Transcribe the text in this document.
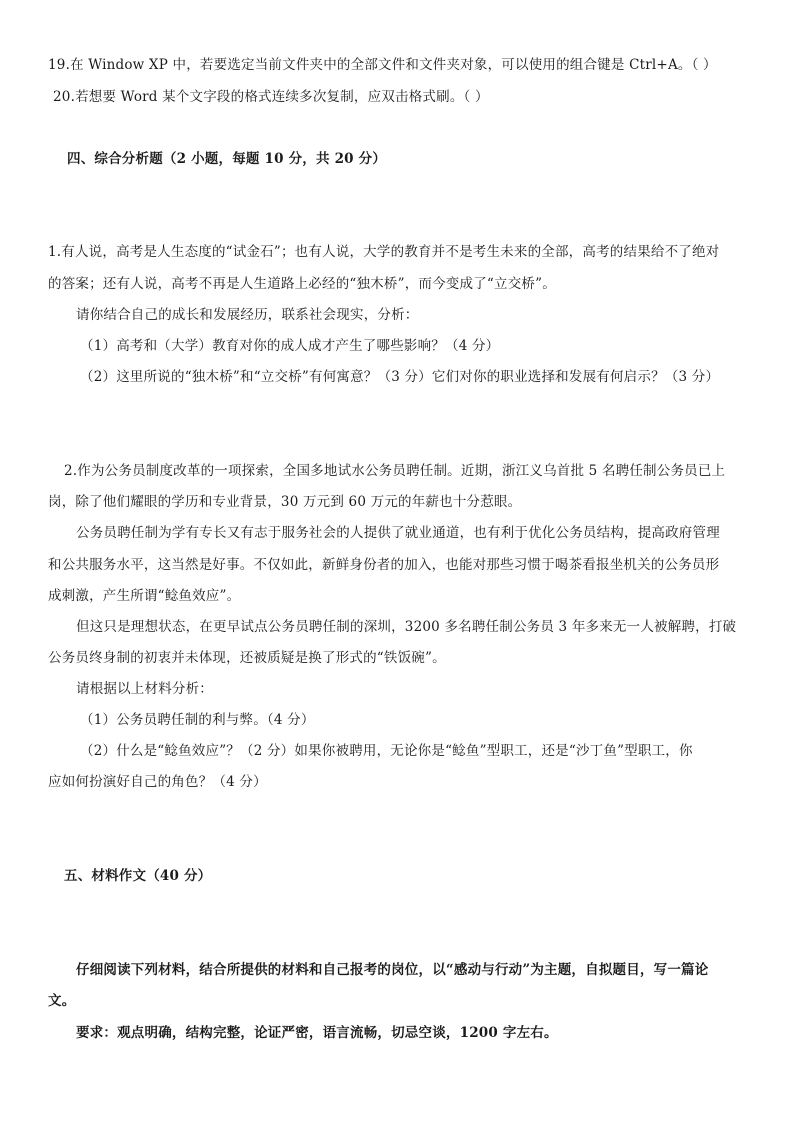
19.在 Window XP 中，若要选定当前文件夹中的全部文件和文件夹对象，可以使用的组合键是 Ctrl+A。（ ）
20.若想要 Word 某个文字段的格式连续多次复制，应双击格式刷。（ ）
四、综合分析题（2 小题，每题 10 分，共 20 分）
1.有人说，高考是人生态度的“试金石”；也有人说，大学的教育并不是考生未来的全部，高考的结果给不了绝对
的答案；还有人说，高考不再是人生道路上必经的“独木桥”，而今变成了“立交桥”。
请你结合自己的成长和发展经历，联系社会现实，分析：
（1）高考和（大学）教育对你的成人成才产生了哪些影响？（4 分）
（2）这里所说的“独木桥”和“立交桥”有何寓意？（3 分）它们对你的职业选择和发展有何启示？（3 分）
2.作为公务员制度改革的一项探索，全国多地试水公务员聘任制。近期，浙江义乌首批 5 名聘任制公务员已上
岗，除了他们耀眼的学历和专业背景，30 万元到 60 万元的年薪也十分惹眼。
公务员聘任制为学有专长又有志于服务社会的人提供了就业通道，也有利于优化公务员结构，提高政府管理
和公共服务水平，这当然是好事。不仅如此，新鲜身份者的加入，也能对那些习惯于喝茶看报坐机关的公务员形
成刺激，产生所谓“鲶鱼效应”。
但这只是理想状态，在更早试点公务员聘任制的深圳，3200 多名聘任制公务员 3 年多来无一人被解聘，打破
公务员终身制的初衷并未体现，还被质疑是换了形式的“铁饭碗”。
请根据以上材料分析：
（1）公务员聘任制的利与弊。（4 分）
（2）什么是“鲶鱼效应”？（2 分）如果你被聘用，无论你是“鲶鱼”型职工，还是“沙丁鱼”型职工，你
应如何扮演好自己的角色？（4 分）
五、材料作文（40 分）
仔细阅读下列材料，结合所提供的材料和自己报考的岗位，以“感动与行动”为主题，自拟题目，写一篇论
文。
要求：观点明确，结构完整，论证严密，语言流畅，切忌空谈，1200 字左右。
